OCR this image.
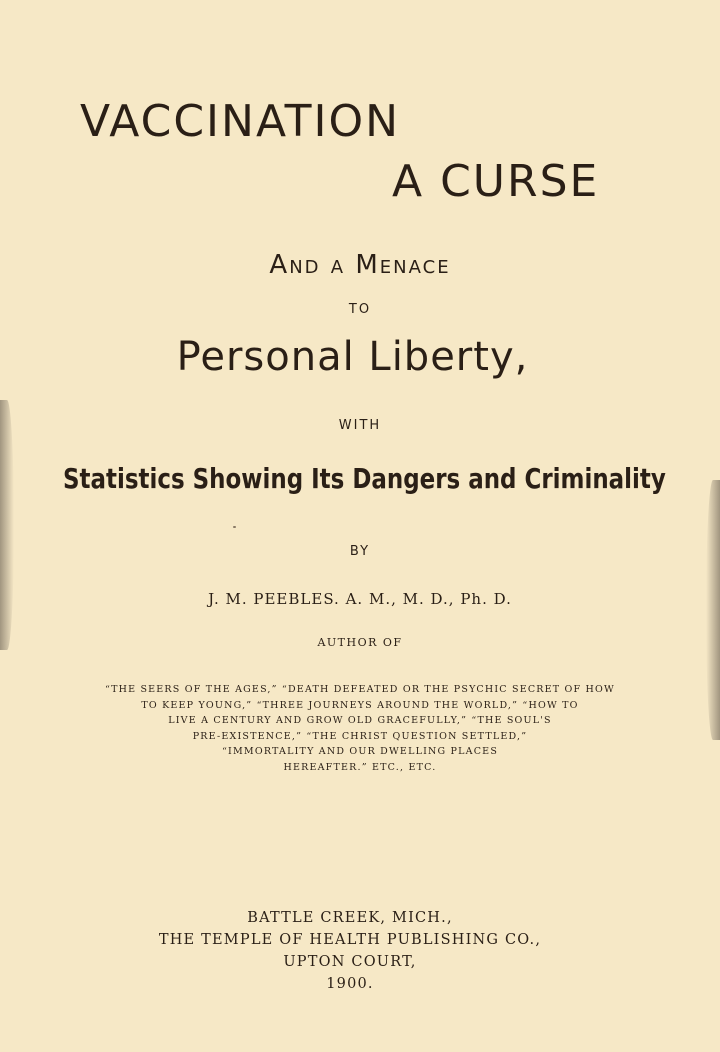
VACCINATION
A CURSE
And a Menace
TO
Personal Liberty,
WITH
Statistics Showing Its Dangers and Criminality
BY
J. M. PEEBLES. A. M., M. D., Ph. D.
AUTHOR OF
“THE SEERS OF THE AGES,” “DEATH DEFEATED OR THE PSYCHIC SECRET OF HOW
TO KEEP YOUNG,” “THREE JOURNEYS AROUND THE WORLD,” “HOW TO
LIVE A CENTURY AND GROW OLD GRACEFULLY,” “THE SOUL'S
PRE-EXISTENCE,” “THE CHRIST QUESTION SETTLED,”
“IMMORTALITY AND OUR DWELLING PLACES
HEREAFTER.” ETC., ETC.
BATTLE CREEK, MICH.,
THE TEMPLE OF HEALTH PUBLISHING CO.,
UPTON COURT,
1900.
